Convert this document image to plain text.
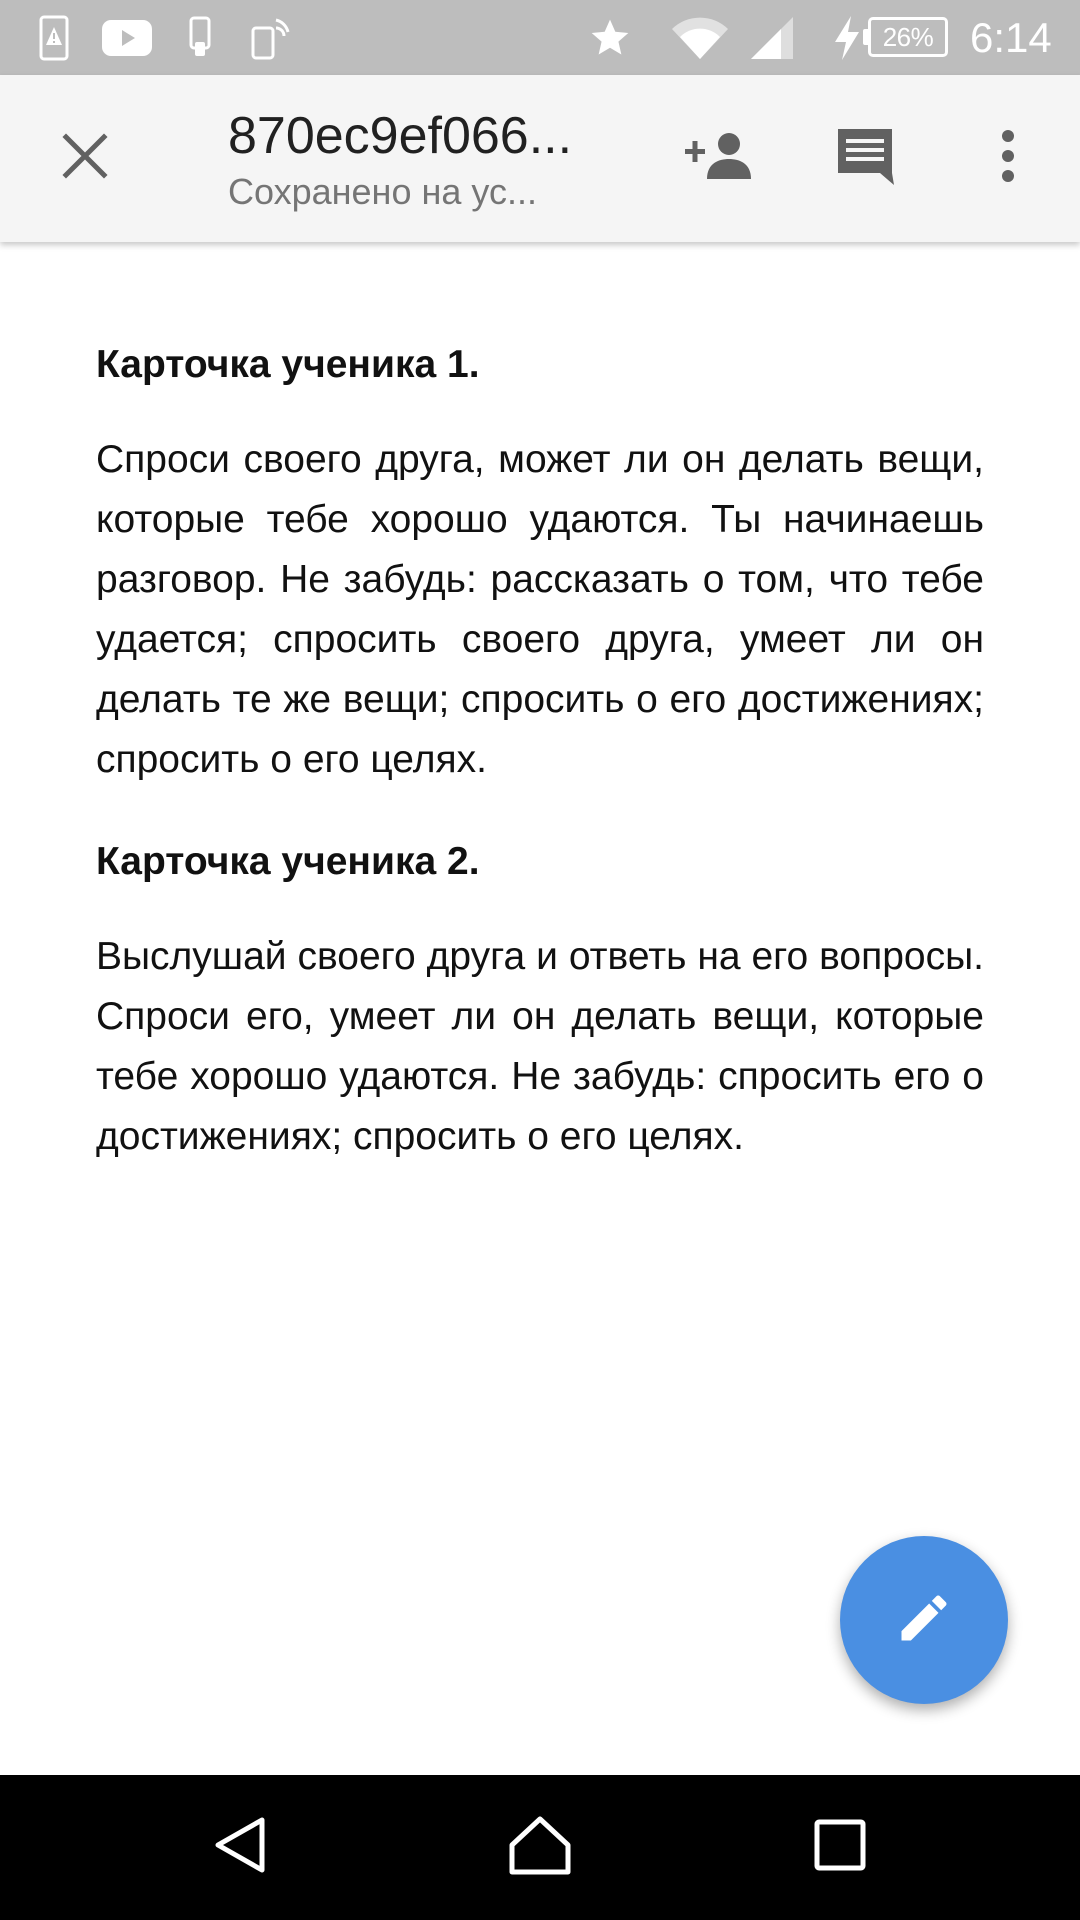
26% 6:14
870ec9ef066...
Сохранено на ус...
Карточка ученика 1.

Спроси своего друга, может ли он делать вещи, которые тебе хорошо удаются. Ты начинаешь разговор. Не забудь: рассказать о том, что тебе удается; спросить своего друга, умеет ли он делать те же вещи; спросить о его достижениях; спросить о его целях.

Карточка ученика 2.

Выслушай своего друга и ответь на его вопросы. Спроси его, умеет ли он делать вещи, которые тебе хорошо удаются. Не забудь: спросить его о достижениях; спросить о его целях.
